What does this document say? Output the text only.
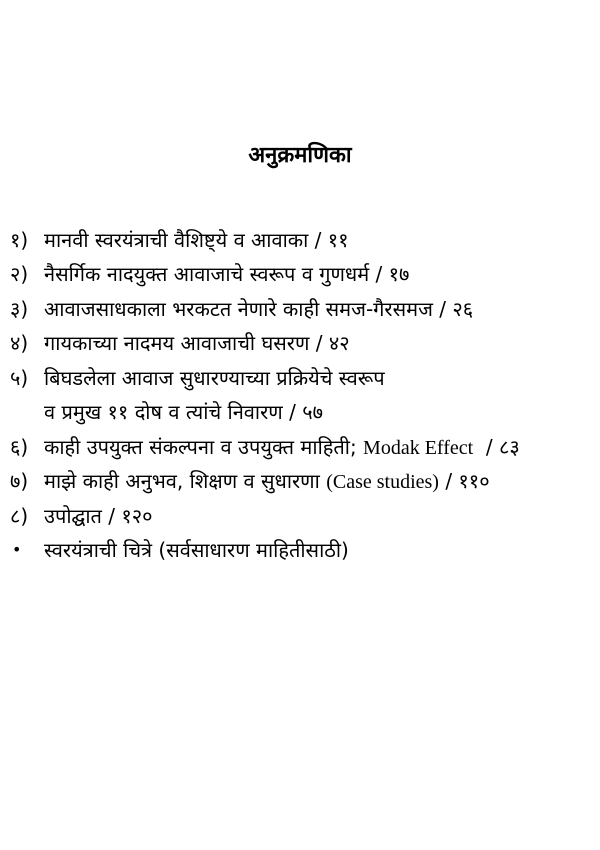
अनुक्रमणिका
१) मानवी स्वरयंत्राची वैशिष्ट्ये व आवाका / ११
२) नैसर्गिक नादयुक्त आवाजाचे स्वरूप व गुणधर्म / १७
३) आवाजसाधकाला भरकटत नेणारे काही समज-गैरसमज / २६
४) गायकाच्या नादमय आवाजाची घसरण / ४२
५) बिघडलेला आवाज सुधारण्याच्या प्रक्रियेचे स्वरूप
व प्रमुख ११ दोष व त्यांचे निवारण / ५७
६) काही उपयुक्त संकल्पना व उपयुक्त माहिती; Modak Effect / ८३
७) माझे काही अनुभव, शिक्षण व सुधारणा (Case studies) / ११०
८) उपोद्घात / १२०
•	स्वरयंत्राची चित्रे (सर्वसाधारण माहितीसाठी)
